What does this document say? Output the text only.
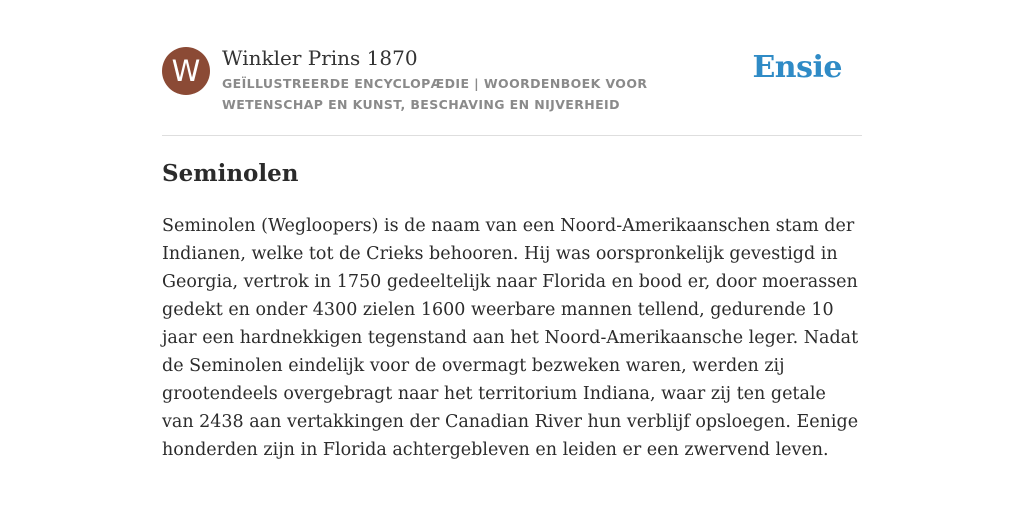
W	Winkler Prins 1870
GEÏLLUSTREERDE ENCYCLOPÆDIE | WOORDENBOEK VOOR WETENSCHAP EN KUNST, BESCHAVING EN NIJVERHEID
Ensie
Seminolen

Seminolen (Wegloopers) is de naam van een Noord-Amerikaanschen stam der Indianen, welke tot de Crieks behooren. Hij was oorspronkelijk gevestigd in Georgia, vertrok in 1750 gedeeltelijk naar Florida en bood er, door moerassen gedekt en onder 4300 zielen 1600 weerbare mannen tellend, gedurende 10 jaar een hardnekkigen tegenstand aan het Noord-Amerikaansche leger. Nadat de Seminolen eindelijk voor de overmagt bezweken waren, werden zij grootendeels overgebragt naar het territorium Indiana, waar zij ten getale van 2438 aan vertakkingen der Canadian River hun verblijf opsloegen. Eenige honderden zijn in Florida achtergebleven en leiden er een zwervend leven.
